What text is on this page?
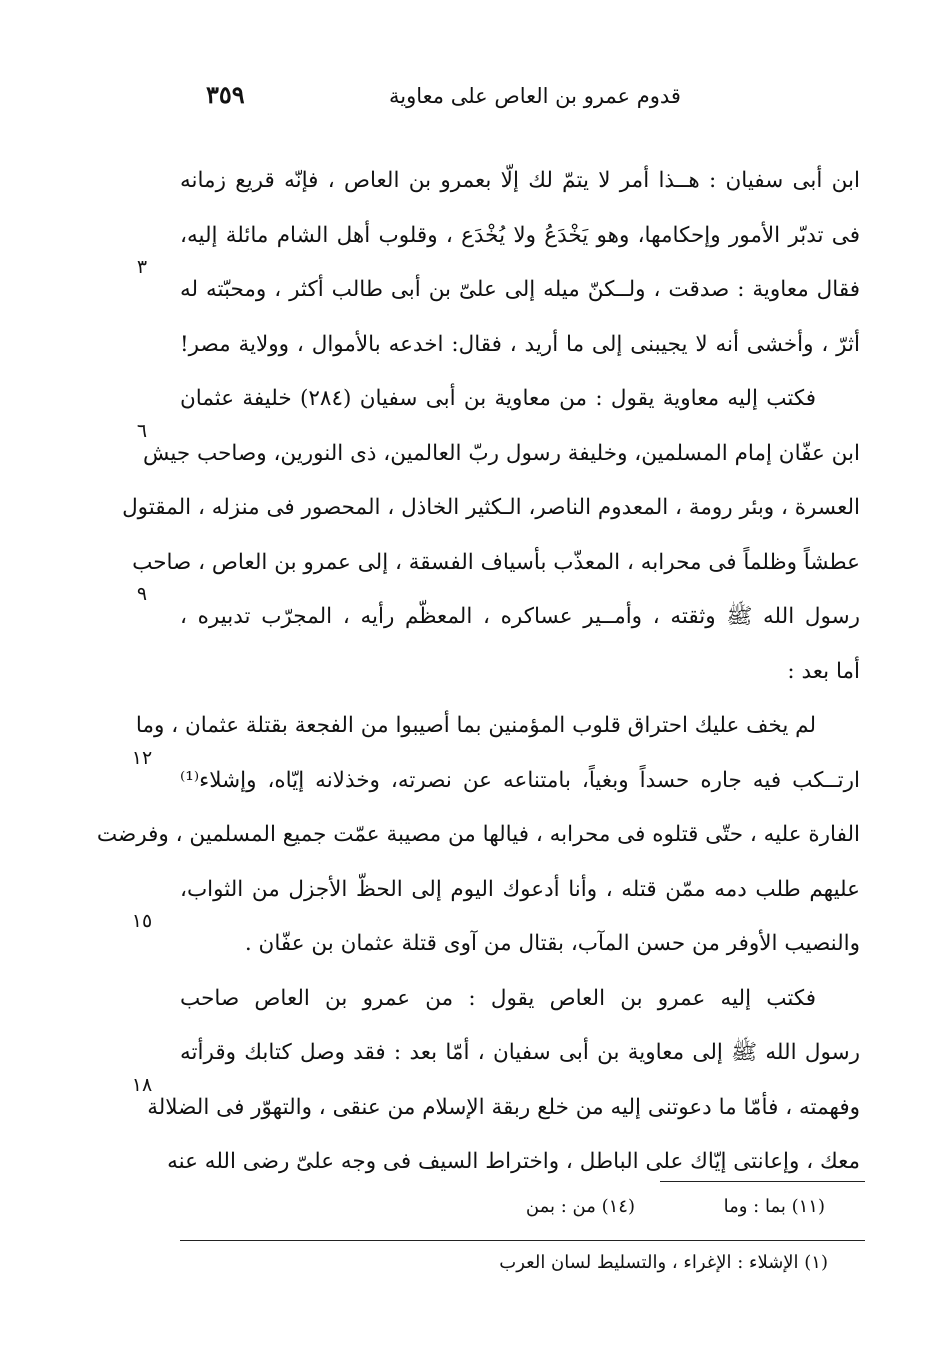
٣٥٩	قدوم عمرو بن العاص على معاوية
ابن أبى سفيان : هــذا أمر لا يتمّ لك إلّا بعمرو بن العاص ، فإنّه قريع زمانه
فى تدبّر الأمور وإحكامها، وهو يَخْدَعُ ولا يُخْدَع ، وقلوب أهل الشام مائلة إليه،
فقال معاوية : صدقت ، ولــكنّ ميله إلى علىّ بن أبى طالب أكثر ، ومحبّته له
أثرّ ، وأخشى أنه لا يجيبنى إلى ما أريد ، فقال: اخدعه بالأموال ، وولاية مصر!
فكتب إليه معاوية يقول : من معاوية بن أبى سفيان (٢٨٤) خليفة عثمان
ابن عفّان إمام المسلمين، وخليفة رسول ربّ العالمين، ذى النورين، وصاحب جيش
العسرة ، وبئر رومة ، المعدوم الناصر، الـكثير الخاذل ، المحصور فى منزله ، المقتول
عطشاً وظلماً فى محرابه ، المعذّب بأسياف الفسقة ، إلى عمرو بن العاص ، صاحب
رسول الله ﷺ وثقته ، وأمــير عساكره ، المعظّم رأيه ، المجرّب تدبيره ،
أما بعد :
لم يخف عليك احتراق قلوب المؤمنين بما أصيبوا من الفجعة بقتلة عثمان ، وما
ارتــكب فيه جاره حسداً وبغياً، بامتناعه عن نصرته، وخذلانه إيّاه، وإشلاء⁽¹⁾
الفارة عليه ، حتّى قتلوه فى محرابه ، فيالها من مصيبة عمّت جميع المسلمين ، وفرضت
عليهم طلب دمه ممّن قتله ، وأنا أدعوك اليوم إلى الحظّ الأجزل من الثواب،
والنصيب الأوفر من حسن المآب، بقتال من آوى قتلة عثمان بن عفّان .
فكتب إليه عمرو بن العاص يقول : من عمرو بن العاص صاحب
رسول الله ﷺ إلى معاوية بن أبى سفيان ، أمّا بعد : فقد وصل كتابك وقرأته
وفهمته ، فأمّا ما دعوتنى إليه من خلع ربقة الإسلام من عنقى ، والتهوّر فى الضلالة
معك ، وإعانتى إيّاك على الباطل ، واختراط السيف فى وجه علىّ رضى الله عنه
٣
٦
٩
١٢
١٥
١٨
(١١) بما : وما
(١٤) من : بمن
(١) الإشلاء : الإغراء ، والتسليط لسان العرب
